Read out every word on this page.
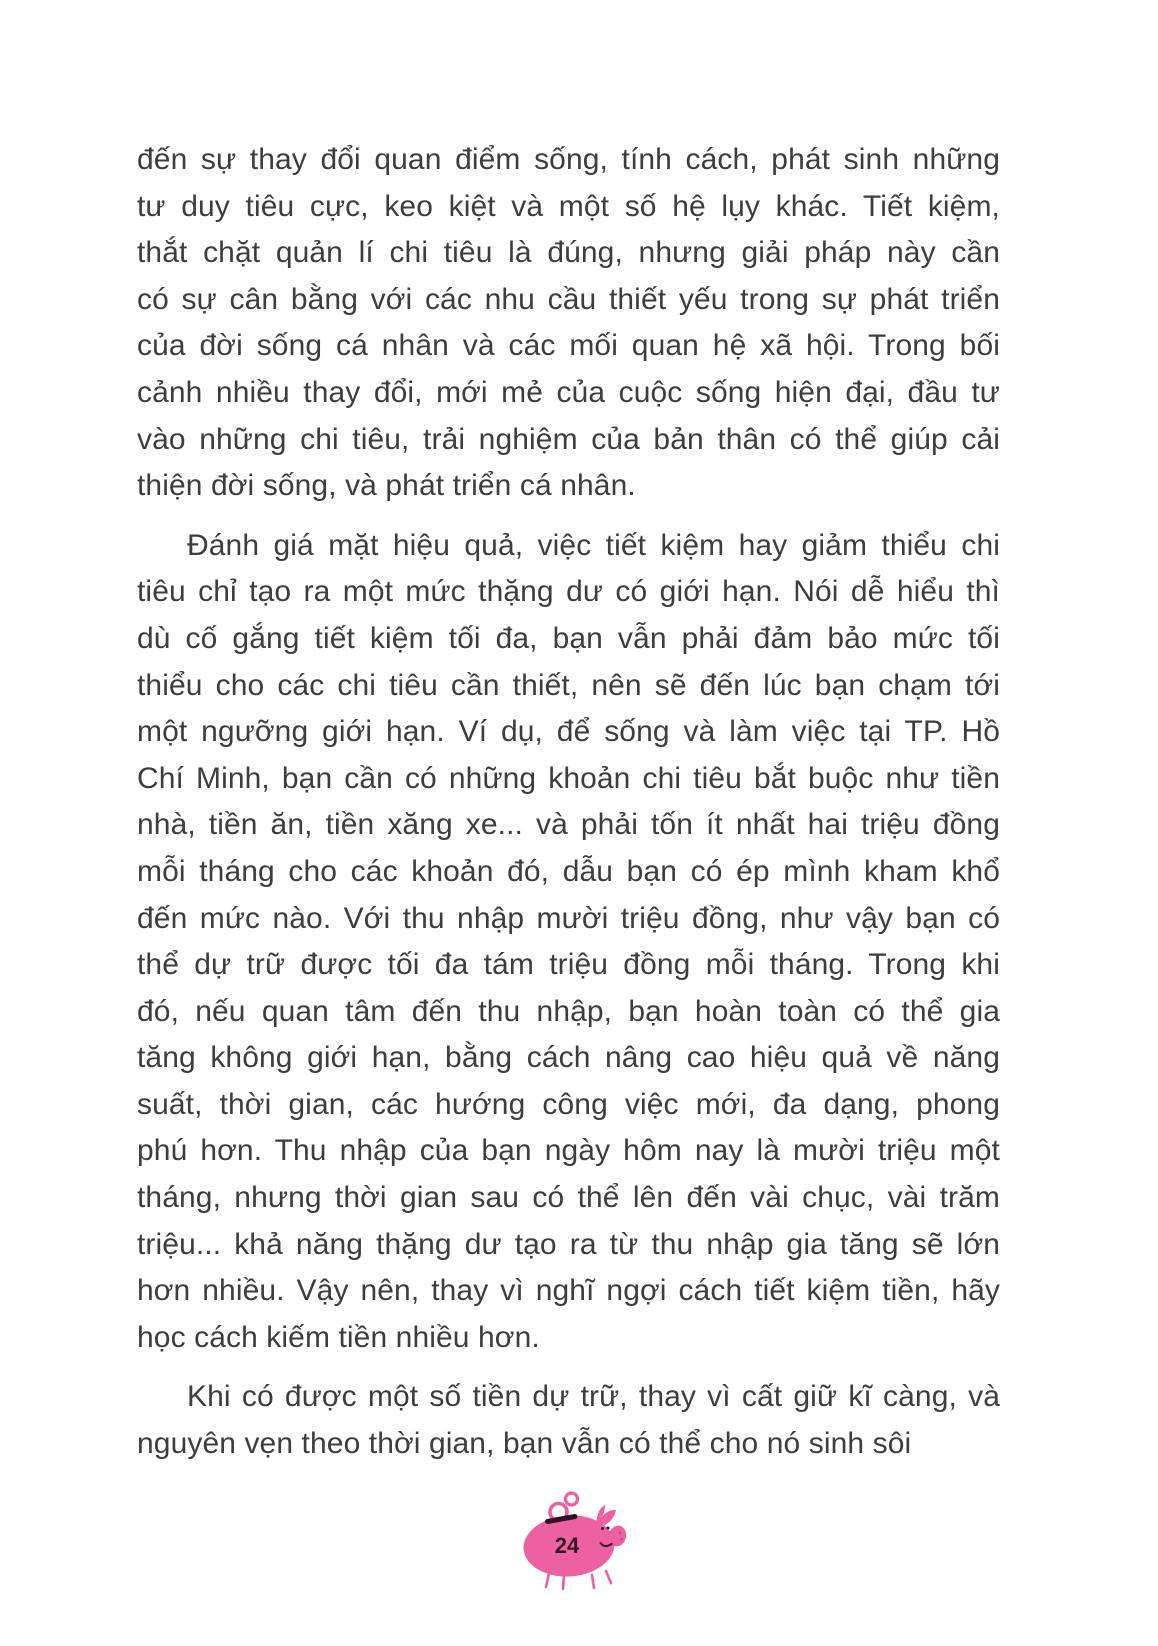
đến sự thay đổi quan điểm sống, tính cách, phát sinh những
tư duy tiêu cực, keo kiệt và một số hệ lụy khác. Tiết kiệm,
thắt chặt quản lí chi tiêu là đúng, nhưng giải pháp này cần
có sự cân bằng với các nhu cầu thiết yếu trong sự phát triển
của đời sống cá nhân và các mối quan hệ xã hội. Trong bối
cảnh nhiều thay đổi, mới mẻ của cuộc sống hiện đại, đầu tư
vào những chi tiêu, trải nghiệm của bản thân có thể giúp cải
thiện đời sống, và phát triển cá nhân.
Đánh giá mặt hiệu quả, việc tiết kiệm hay giảm thiểu chi
tiêu chỉ tạo ra một mức thặng dư có giới hạn. Nói dễ hiểu thì
dù cố gắng tiết kiệm tối đa, bạn vẫn phải đảm bảo mức tối
thiểu cho các chi tiêu cần thiết, nên sẽ đến lúc bạn chạm tới
một ngưỡng giới hạn. Ví dụ, để sống và làm việc tại TP. Hồ
Chí Minh, bạn cần có những khoản chi tiêu bắt buộc như tiền
nhà, tiền ăn, tiền xăng xe... và phải tốn ít nhất hai triệu đồng
mỗi tháng cho các khoản đó, dẫu bạn có ép mình kham khổ
đến mức nào. Với thu nhập mười triệu đồng, như vậy bạn có
thể dự trữ được tối đa tám triệu đồng mỗi tháng. Trong khi
đó, nếu quan tâm đến thu nhập, bạn hoàn toàn có thể gia
tăng không giới hạn, bằng cách nâng cao hiệu quả về năng
suất, thời gian, các hướng công việc mới, đa dạng, phong
phú hơn. Thu nhập của bạn ngày hôm nay là mười triệu một
tháng, nhưng thời gian sau có thể lên đến vài chục, vài trăm
triệu... khả năng thặng dư tạo ra từ thu nhập gia tăng sẽ lớn
hơn nhiều. Vậy nên, thay vì nghĩ ngợi cách tiết kiệm tiền, hãy
học cách kiếm tiền nhiều hơn.
Khi có được một số tiền dự trữ, thay vì cất giữ kĩ càng, và
nguyên vẹn theo thời gian, bạn vẫn có thể cho nó sinh sôi
24
